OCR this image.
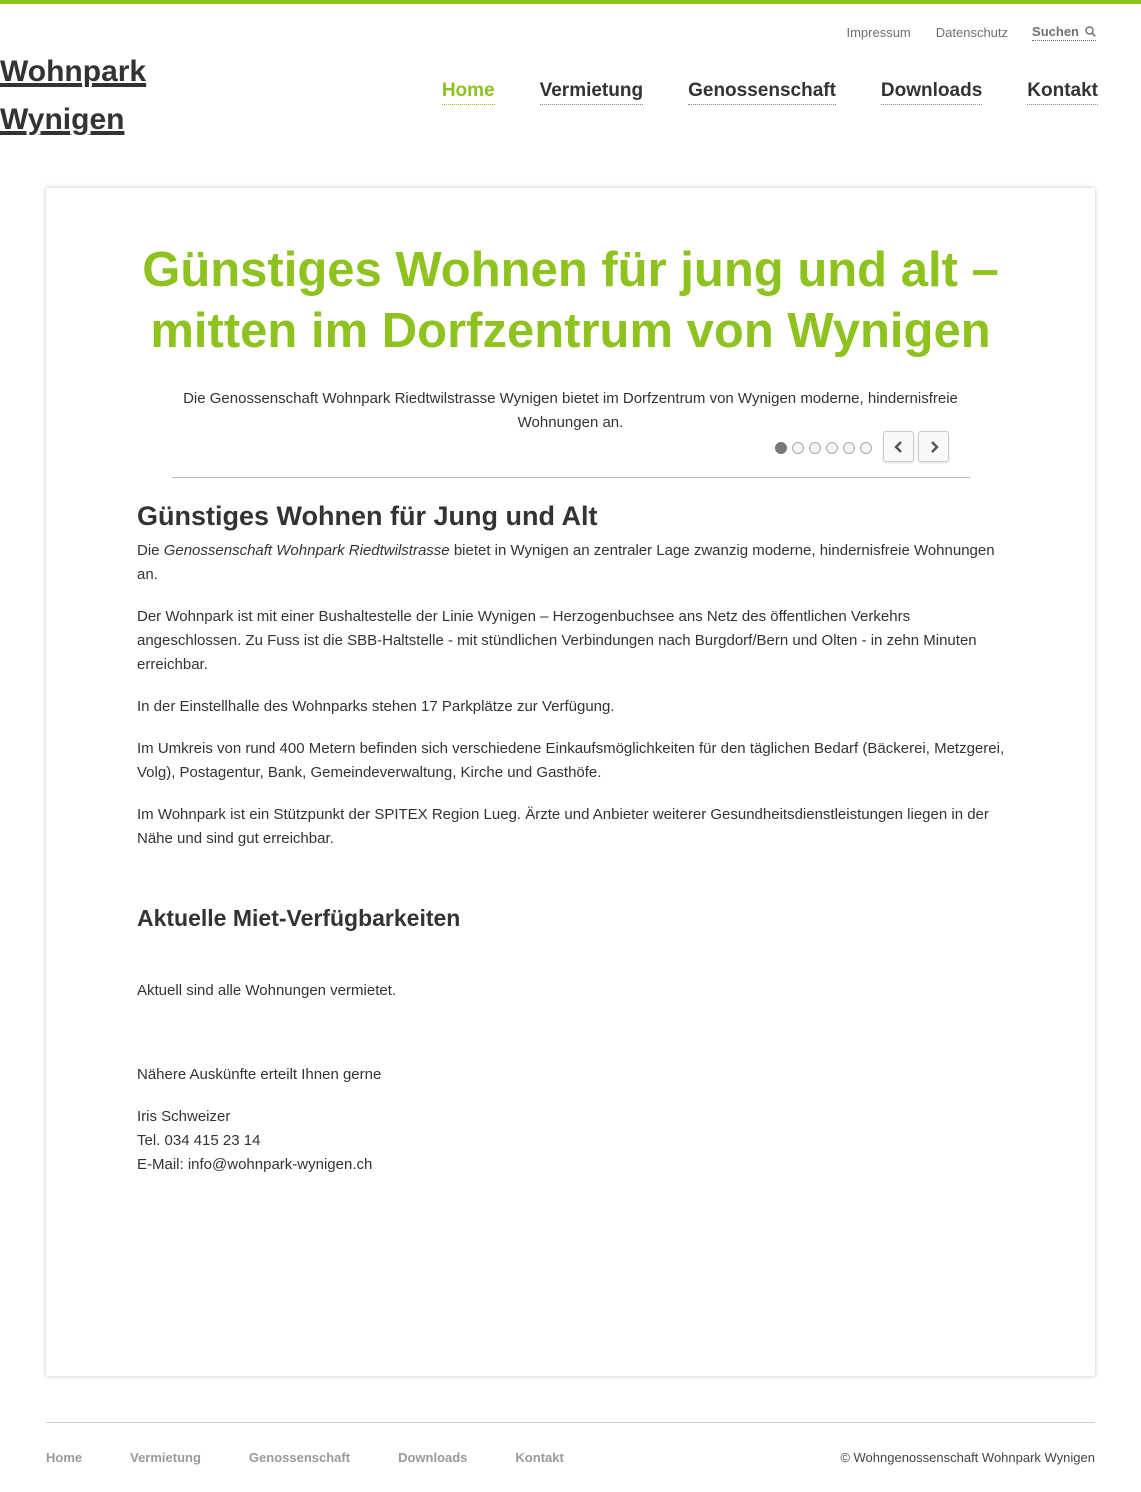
Impressum Datenschutz Suchen
Wohnpark
Wynigen
Home Vermietung Genossenschaft Downloads Kontakt
Günstiges Wohnen für jung und alt –
mitten im Dorfzentrum von Wynigen

Die Genossenschaft Wohnpark Riedtwilstrasse Wynigen bietet im Dorfzentrum von Wynigen moderne, hindernisfreie
Wohnungen an.

Günstiges Wohnen für Jung und Alt

Die Genossenschaft Wohnpark Riedtwilstrasse bietet in Wynigen an zentraler Lage zwanzig moderne, hindernisfreie Wohnungen an.

Der Wohnpark ist mit einer Bushaltestelle der Linie Wynigen – Herzogenbuchsee ans Netz des öffentlichen Verkehrs angeschlossen. Zu Fuss ist die SBB-Haltstelle - mit stündlichen Verbindungen nach Burgdorf/Bern und Olten - in zehn Minuten erreichbar.

In der Einstellhalle des Wohnparks stehen 17 Parkplätze zur Verfügung.

Im Umkreis von rund 400 Metern befinden sich verschiedene Einkaufsmöglichkeiten für den täglichen Bedarf (Bäckerei, Metzgerei, Volg), Postagentur, Bank, Gemeindeverwaltung, Kirche und Gasthöfe.

Im Wohnpark ist ein Stützpunkt der SPITEX Region Lueg. Ärzte und Anbieter weiterer Gesundheitsdienstleistungen liegen in der Nähe und sind gut erreichbar.

Aktuelle Miet-Verfügbarkeiten

Aktuell sind alle Wohnungen vermietet.

Nähere Auskünfte erteilt Ihnen gerne

Iris Schweizer

Tel. 034 415 23 14

E-Mail: info@wohnpark-wynigen.ch

Home	Vermietung	Genossenschaft	Downloads	Kontakt	© Wohngenossenschaft Wohnpark Wynigen
